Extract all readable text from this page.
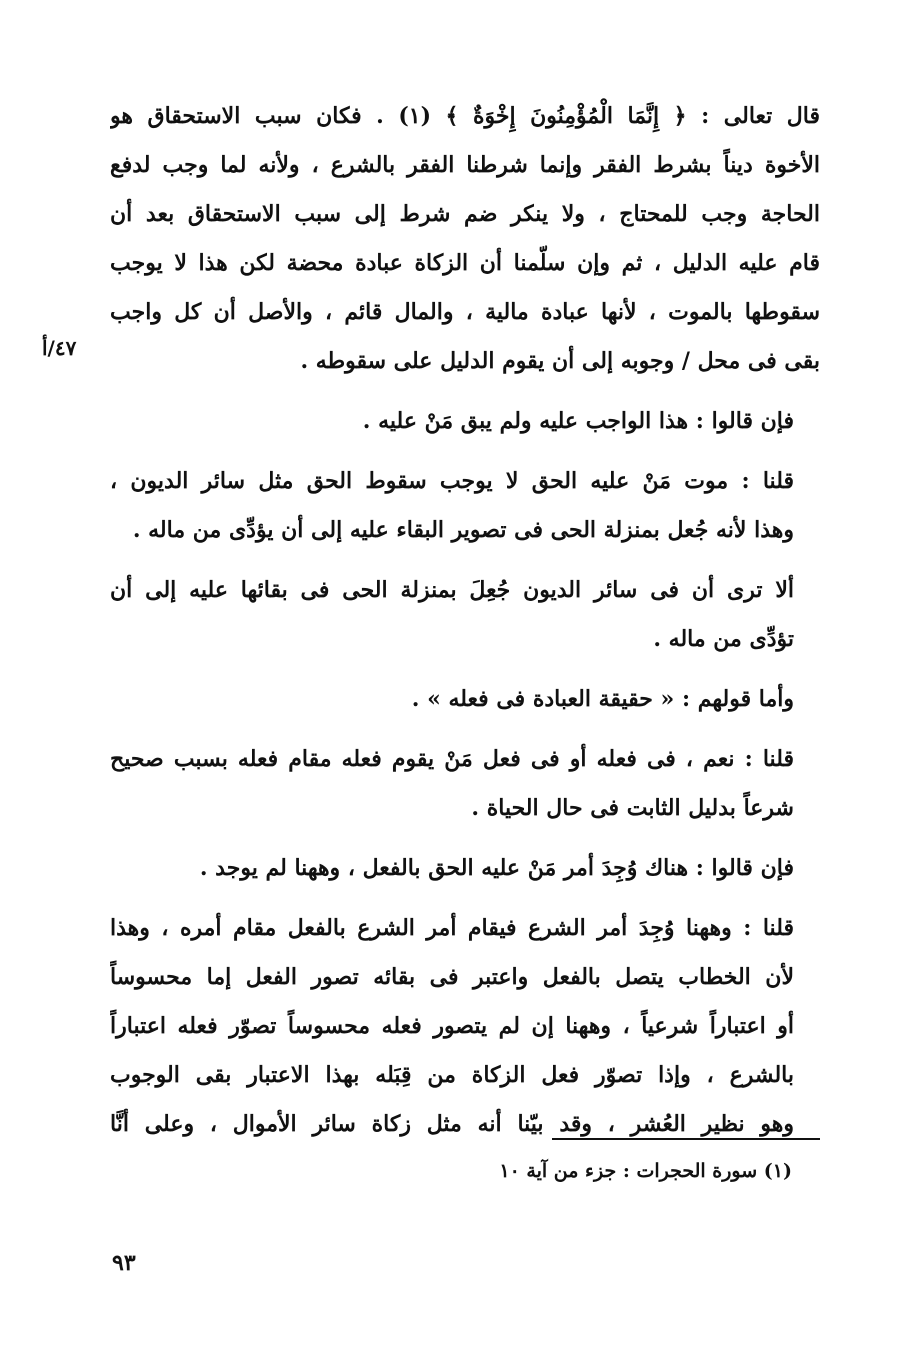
قال تعالى : ﴿ إِنَّمَا الْمُؤْمِنُونَ إِخْوَةٌ ﴾ (١) . فكان سبب الاستحقاق هو
الأخوة ديناً بشرط الفقر وإنما شرطنا الفقر بالشرع ، ولأنه لما وجب لدفع
الحاجة وجب للمحتاج ، ولا ينكر ضم شرط إلى سبب الاستحقاق بعد أن
قام عليه الدليل ، ثم وإن سلّمنا أن الزكاة عبادة محضة لكن هذا لا يوجب
سقوطها بالموت ، لأنها عبادة مالية ، والمال قائم ، والأصل أن كل واجب
بقى فى محل / وجوبه إلى أن يقوم الدليل على سقوطه .
فإن قالوا : هذا الواجب عليه ولم يبق مَنْ عليه .
قلنا : موت مَنْ عليه الحق لا يوجب سقوط الحق مثل سائر الديون ،
وهذا لأنه جُعل بمنزلة الحى فى تصوير البقاء عليه إلى أن يؤدِّى من ماله .
ألا ترى أن فى سائر الديون جُعِلَ بمنزلة الحى فى بقائها عليه إلى أن
تؤدِّى من ماله .
وأما قولهم : « حقيقة العبادة فى فعله » .
قلنا : نعم ، فى فعله أو فى فعل مَنْ يقوم فعله مقام فعله بسبب صحيح
شرعاً بدليل الثابت فى حال الحياة .
فإن قالوا : هناك وُجِدَ أمر مَنْ عليه الحق بالفعل ، وههنا لم يوجد .
قلنا : وههنا وُجِدَ أمر الشرع فيقام أمر الشرع بالفعل مقام أمره ، وهذا
لأن الخطاب يتصل بالفعل واعتبر فى بقائه تصور الفعل إما محسوساً
أو اعتباراً شرعياً ، وههنا إن لم يتصور فعله محسوساً تصوّر فعله اعتباراً
بالشرع ، وإذا تصوّر فعل الزكاة من قِبَله بهذا الاعتبار بقى الوجوب
وهو نظير العُشر ، وقد بيّنا أنه مثل زكاة سائر الأموال ، وعلى أنَّا
٤٧/أ
(١) سورة الحجرات : جزء من آية ١٠
٩٣
